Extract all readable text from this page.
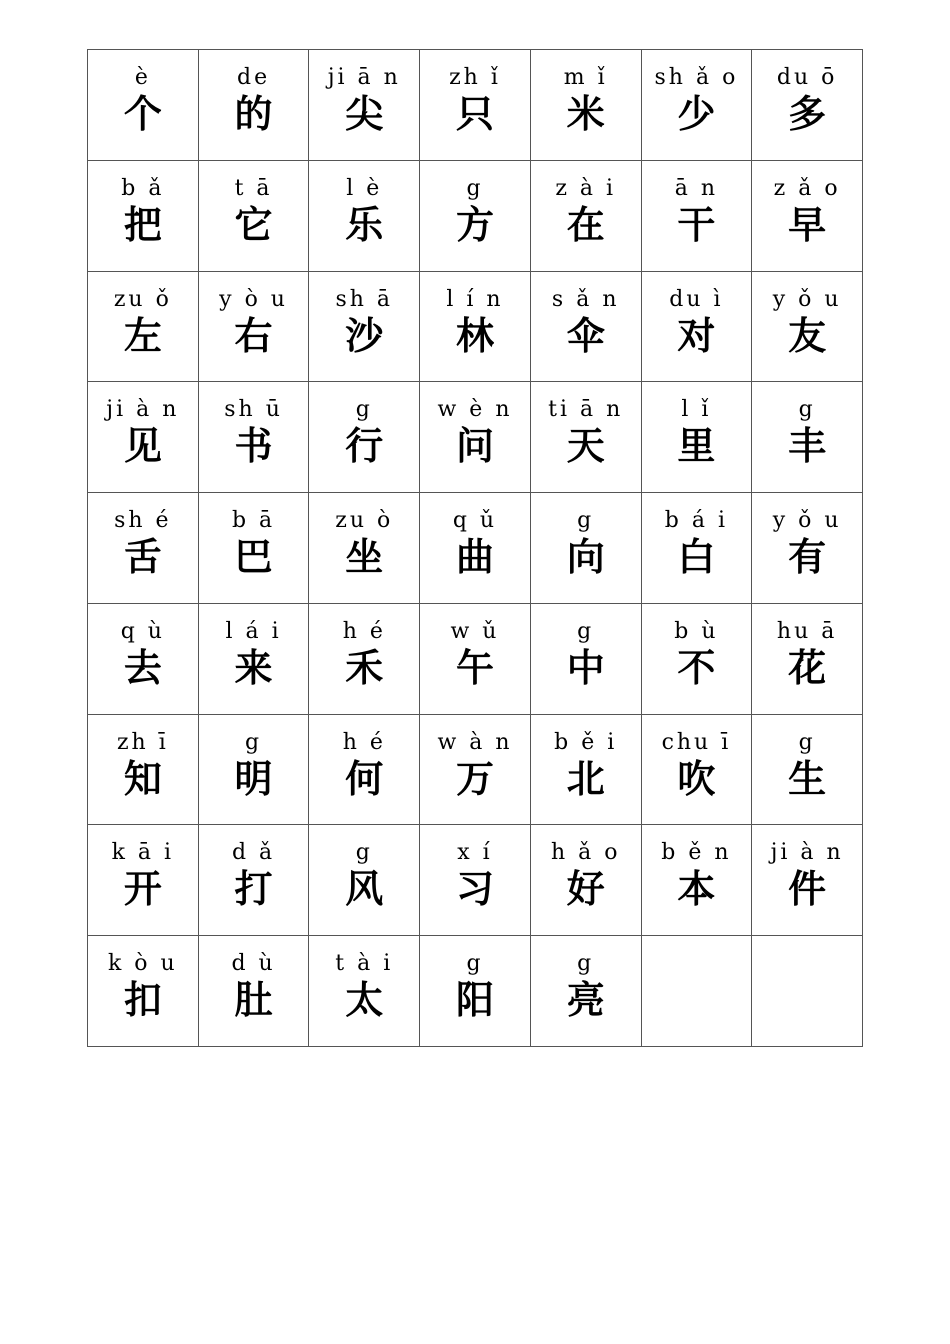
è
个
de
的
ji ā n
尖
zh ǐ
只
m ǐ
米
sh ǎ o
少
du ō
多
b ǎ
把
t ā
它
l è
乐
g
方
z à i
在
ā n
干
z ǎ o
早
zu ǒ
左
y ò u
右
sh ā
沙
l í n
林
s ǎ n
伞
du ì
对
y ǒ u
友
ji à n
见
sh ū
书
g
行
w è n
问
ti ā n
天
l ǐ
里
g
丰
sh é
舌
b ā
巴
zu ò
坐
q ǔ
曲
g
向
b á i
白
y ǒ u
有
q ù
去
l á i
来
h é
禾
w ǔ
午
g
中
b ù
不
hu ā
花
zh ī
知
g
明
h é
何
w à n
万
b ě i
北
chu ī
吹
g
生
k ā i
开
d ǎ
打
g
风
x í
习
h ǎ o
好
b ě n
本
ji à n
件
k ò u
扣
d ù
肚
t à i
太
g
阳
g
亮
